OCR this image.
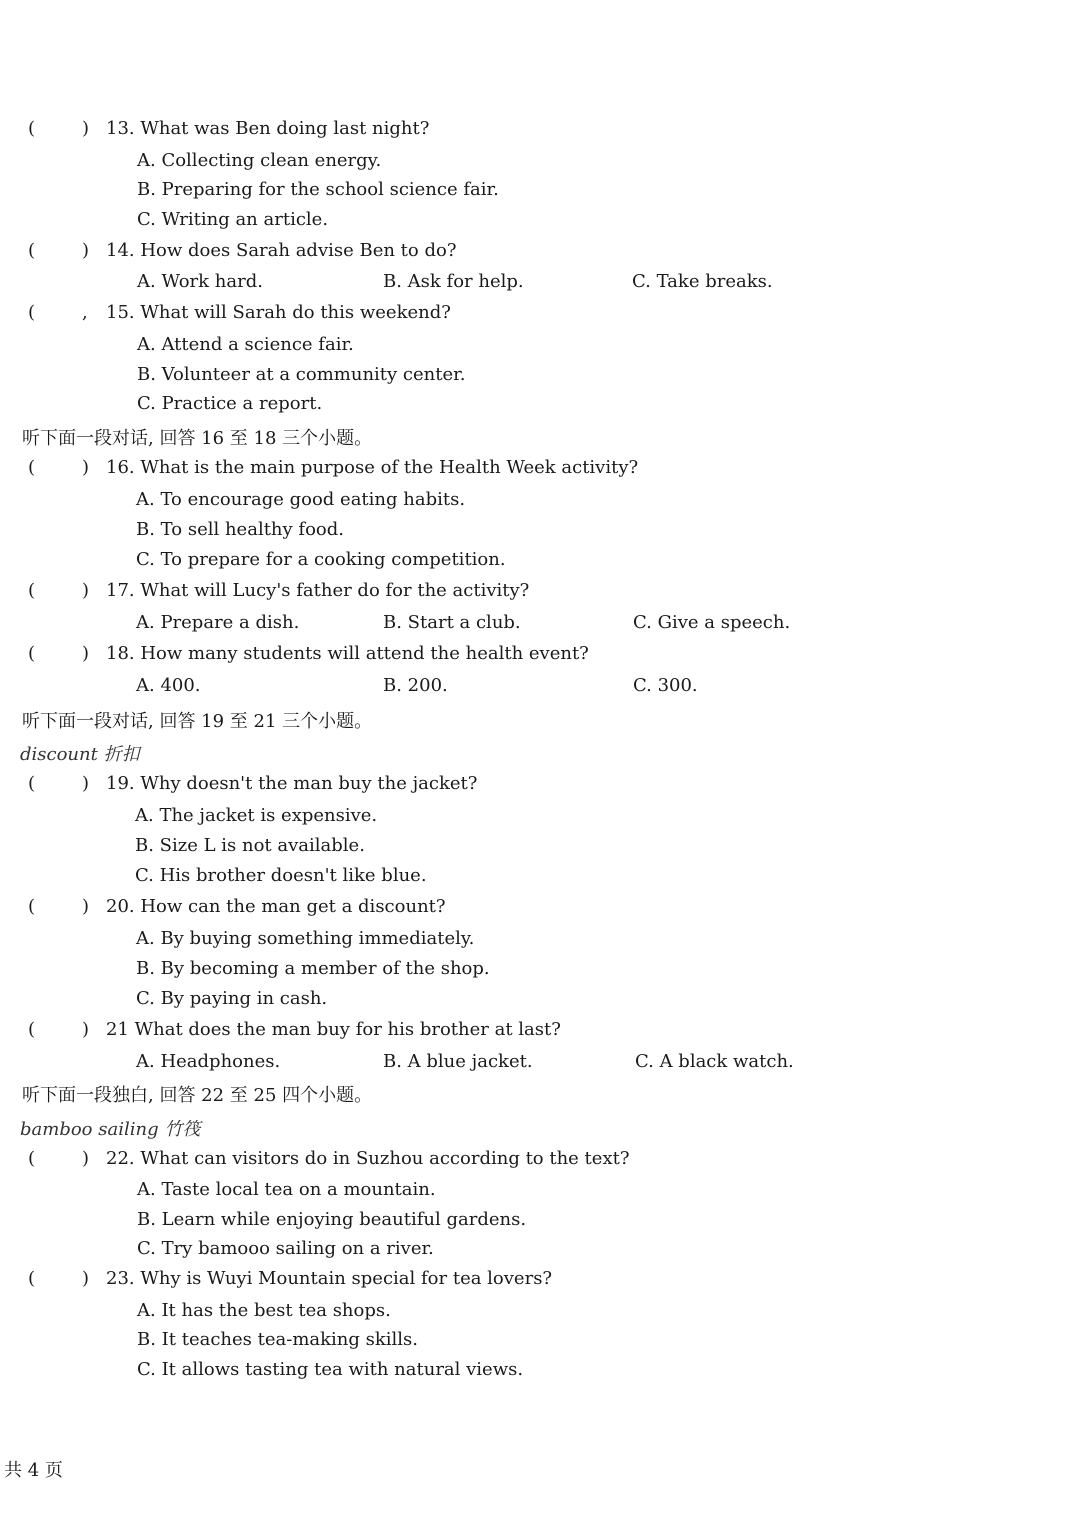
(	) 13. What was Ben doing last night?
A. Collecting clean energy.
B. Preparing for the school science fair.
C. Writing an article.
(	) 14. How does Sarah advise Ben to do?
A. Work hard.	B. Ask for help.	C. Take breaks.
(	, 15. What will Sarah do this weekend?
A. Attend a science fair.
B. Volunteer at a community center.
C. Practice a report.
听下面一段对话, 回答 16 至 18 三个小题。
(	) 16. What is the main purpose of the Health Week activity?
A. To encourage good eating habits.
B. To sell healthy food.
C. To prepare for a cooking competition.
(	) 17. What will Lucy's father do for the activity?
A. Prepare a dish.	B. Start a club.	C. Give a speech.
(	) 18. How many students will attend the health event?
A. 400.	B. 200.	C. 300.
听下面一段对话, 回答 19 至 21 三个小题。
discount 折扣
(	) 19. Why doesn't the man buy the jacket?
A. The jacket is expensive.
B. Size L is not available.
C. His brother doesn't like blue.
(	) 20. How can the man get a discount?
A. By buying something immediately.
B. By becoming a member of the shop.
C. By paying in cash.
(	) 21 What does the man buy for his brother at last?
A. Headphones.	B. A blue jacket.	C. A black watch.
听下面一段独白, 回答 22 至 25 四个小题。
bamboo sailing 竹筏
(	) 22. What can visitors do in Suzhou according to the text?
A. Taste local tea on a mountain.
B. Learn while enjoying beautiful gardens.
C. Try bamooo sailing on a river.
(	) 23. Why is Wuyi Mountain special for tea lovers?
A. It has the best tea shops.
B. It teaches tea-making skills.
C. It allows tasting tea with natural views.
共 4 页
